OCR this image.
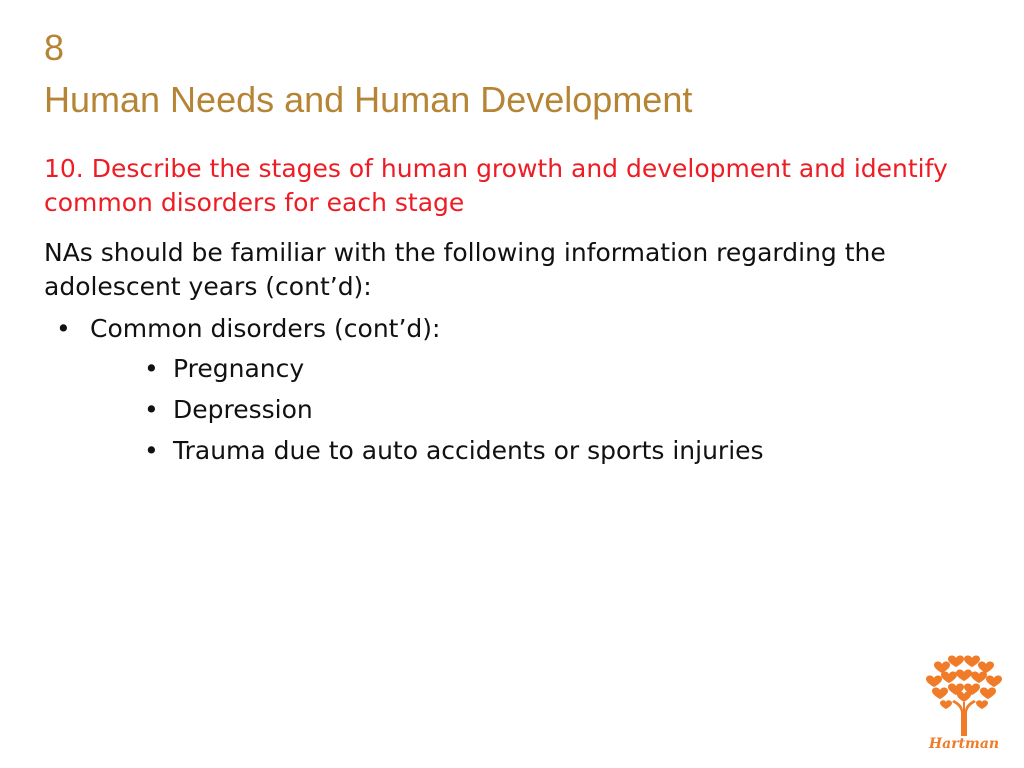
8
Human Needs and Human Development
10. Describe the stages of human growth and development and identify common disorders for each stage
NAs should be familiar with the following information regarding the adolescent years (cont’d):
• Common disorders (cont’d):
• Pregnancy
• Depression
• Trauma due to auto accidents or sports injuries
Hartman
